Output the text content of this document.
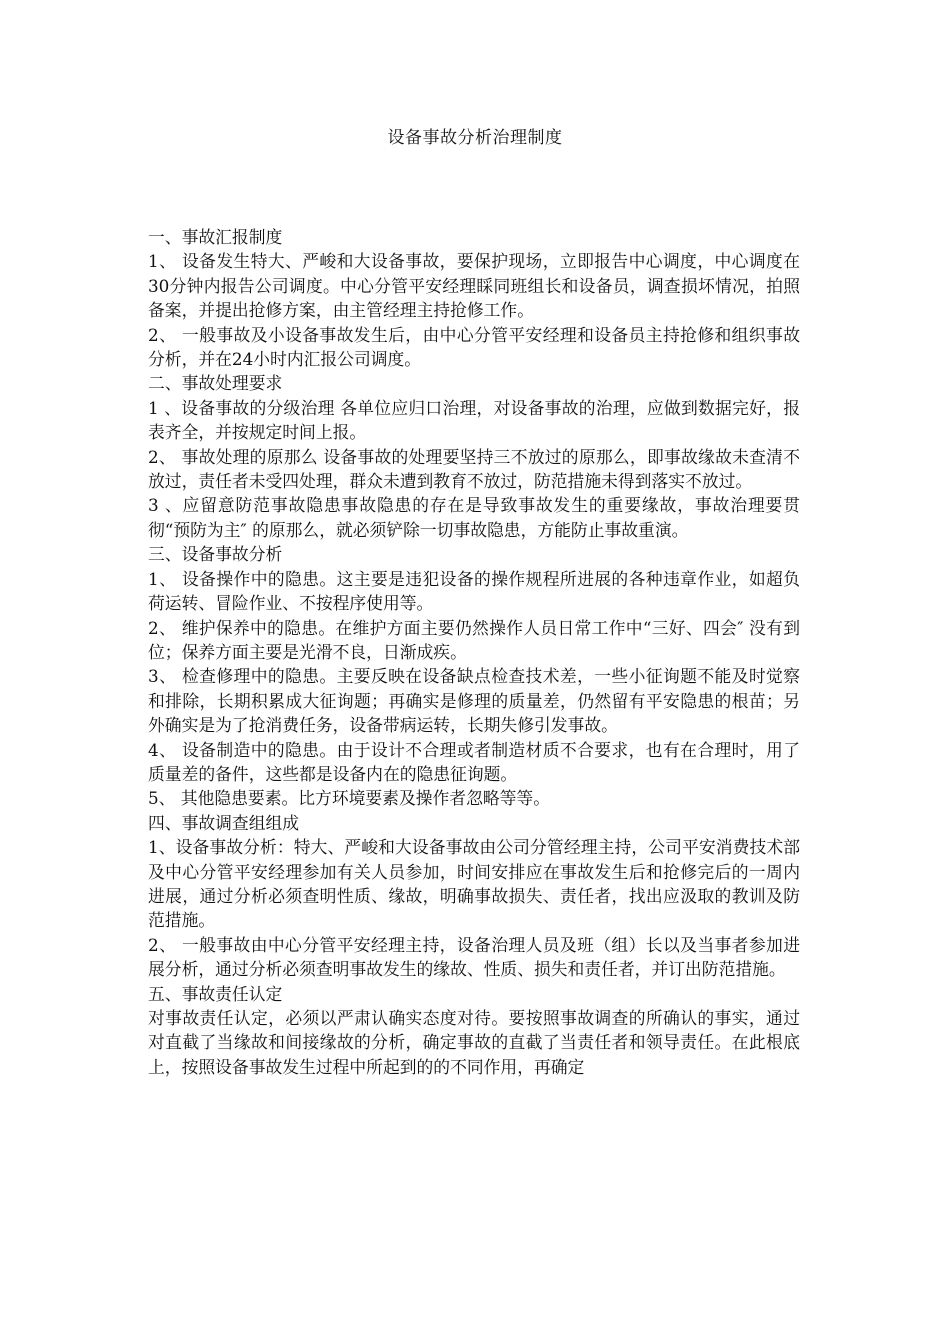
设备事故分析治理制度

一、事故汇报制度

1、 设备发生特大、严峻和大设备事故，要保护现场，立即报告中心调度，中心调度在30分钟内报告公司调度。中心分管平安经理睬同班组长和设备员，调查损坏情况，拍照备案，并提出抢修方案，由主管经理主持抢修工作。

2、 一般事故及小设备事故发生后，由中心分管平安经理和设备员主持抢修和组织事故分析，并在24小时内汇报公司调度。

二、事故处理要求

1 、设备事故的分级治理 各单位应归口治理，对设备事故的治理，应做到数据完好，报表齐全，并按规定时间上报。

2、 事故处理的原那么 设备事故的处理要坚持三不放过的原那么，即事故缘故未查清不放过，责任者未受四处理，群众未遭到教育不放过，防范措施未得到落实不放过。

3 、应留意防范事故隐患事故隐患的存在是导致事故发生的重要缘故，事故治理要贯彻“预防为主″ 的原那么，就必须铲除一切事故隐患，方能防止事故重演。

三、设备事故分析

1、 设备操作中的隐患。这主要是违犯设备的操作规程所进展的各种违章作业，如超负荷运转、冒险作业、不按程序使用等。

2、 维护保养中的隐患。在维护方面主要仍然操作人员日常工作中“三好、四会″ 没有到位；保养方面主要是光滑不良，日渐成疾。

3、 检查修理中的隐患。主要反映在设备缺点检查技术差，一些小征询题不能及时觉察和排除，长期积累成大征询题；再确实是修理的质量差，仍然留有平安隐患的根苗；另外确实是为了抢消费任务，设备带病运转，长期失修引发事故。

4、 设备制造中的隐患。由于设计不合理或者制造材质不合要求，也有在合理时，用了质量差的备件，这些都是设备内在的隐患征询题。

5、 其他隐患要素。比方环境要素及操作者忽略等等。

四、事故调查组组成

1、设备事故分析：特大、严峻和大设备事故由公司分管经理主持，公司平安消费技术部及中心分管平安经理参加有关人员参加，时间安排应在事故发生后和抢修完后的一周内进展，通过分析必须查明性质、缘故，明确事故损失、责任者，找出应汲取的教训及防范措施。

2、 一般事故由中心分管平安经理主持，设备治理人员及班（组）长以及当事者参加进展分析，通过分析必须查明事故发生的缘故、性质、损失和责任者，并订出防范措施。

五、事故责任认定

对事故责任认定，必须以严肃认确实态度对待。要按照事故调查的所确认的事实，通过对直截了当缘故和间接缘故的分析，确定事故的直截了当责任者和领导责任。在此根底上，按照设备事故发生过程中所起到的的不同作用，再确定
